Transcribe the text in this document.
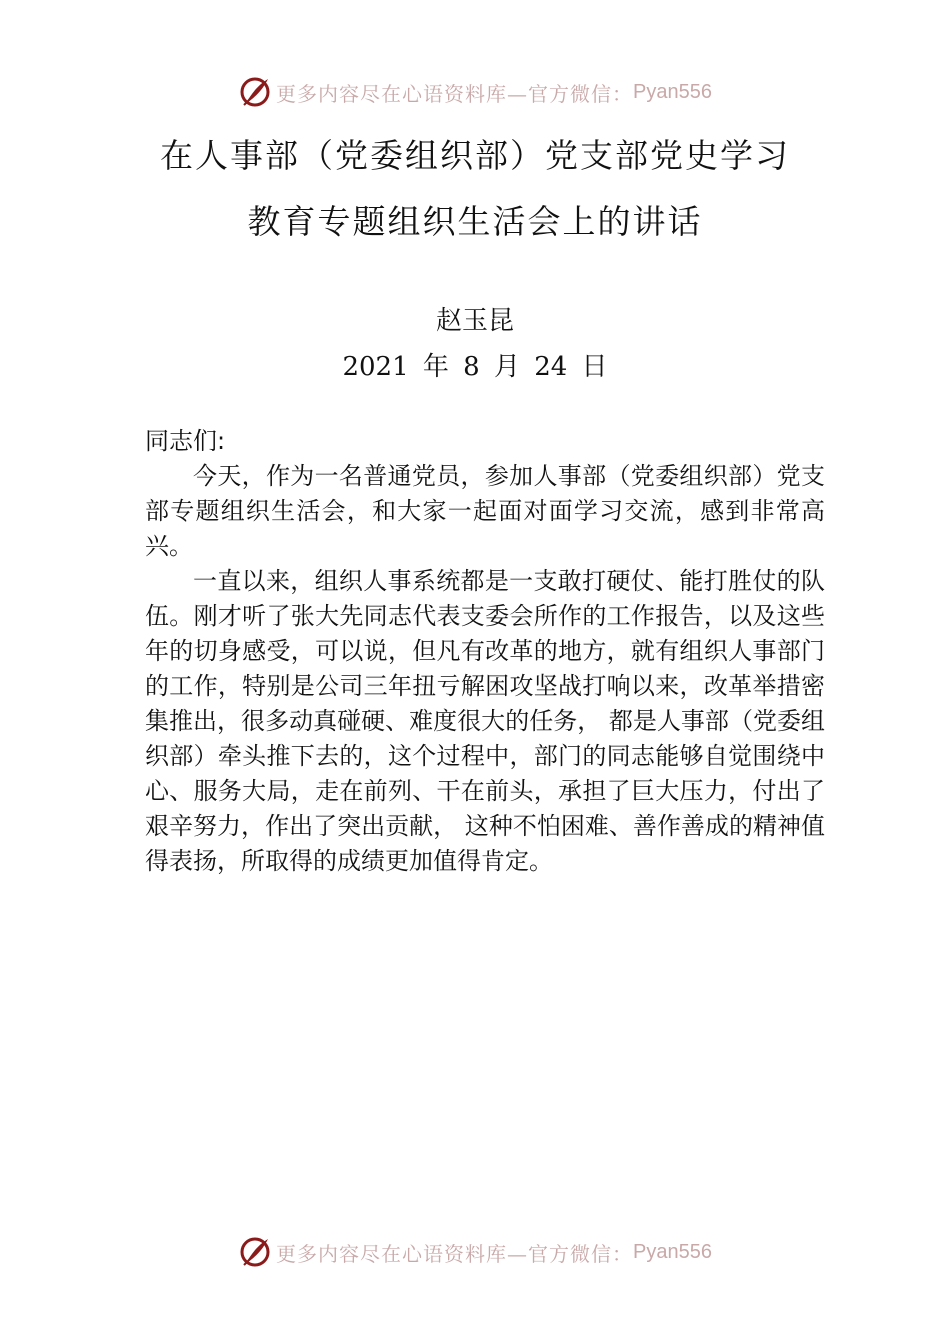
更多内容尽在心语资料库—官方微信： Pyan556
在人事部（党委组织部）党支部党史学习
教育专题组织生活会上的讲话
赵玉昆
2021 年 8 月 24 日

同志们:

今天，作为一名普通党员，参加人事部（党委组织部）党支部专题组织生活会，和大家一起面对面学习交流，感到非常高兴。

一直以来，组织人事系统都是一支敢打硬仗、能打胜仗的队伍。刚才听了张大先同志代表支委会所作的工作报告，以及这些年的切身感受，可以说，但凡有改革的地方，就有组织人事部门的工作，特别是公司三年扭亏解困攻坚战打响以来，改革举措密集推出，很多动真碰硬、难度很大的任务， 都是人事部（党委组织部）牵头推下去的，这个过程中，部门的同志能够自觉围绕中心、服务大局，走在前列、干在前头，承担了巨大压力，付出了艰辛努力，作出了突出贡献， 这种不怕困难、善作善成的精神值得表扬，所取得的成绩更加值得肯定。

更多内容尽在心语资料库—官方微信： Pyan556
